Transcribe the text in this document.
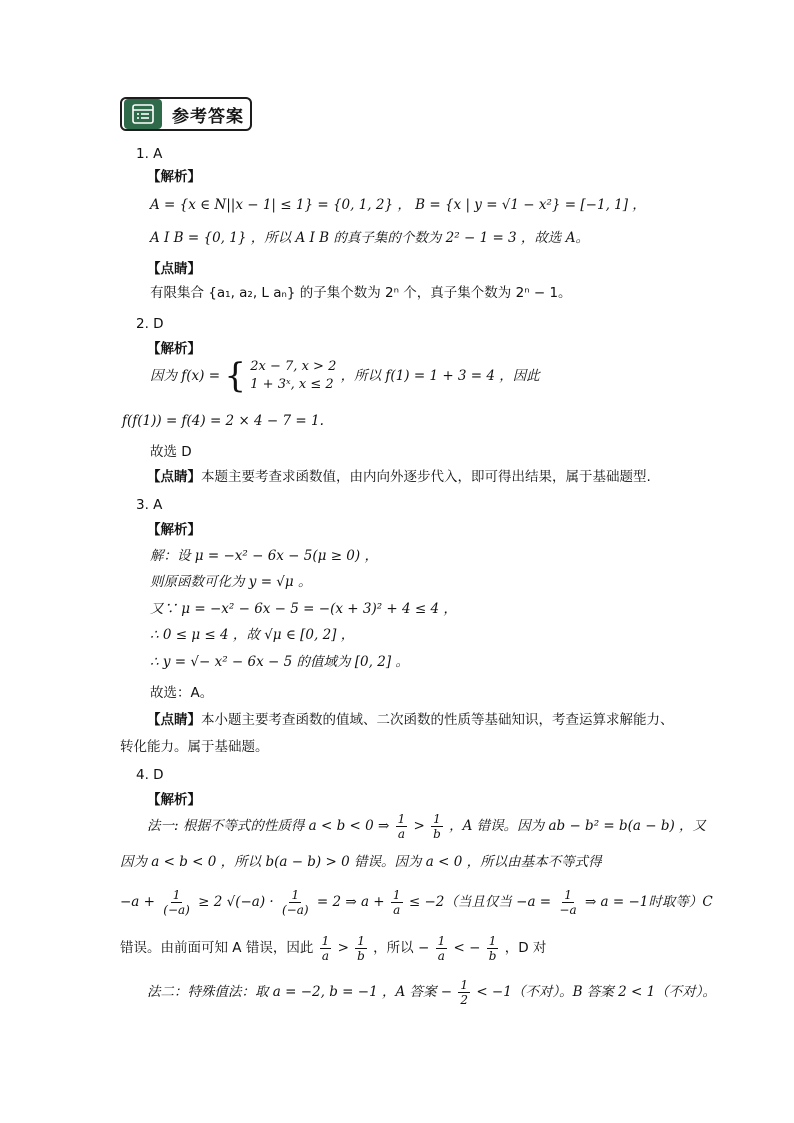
参考答案
1. A
【解析】
A = {x ∈ N||x − 1| ≤ 1} = {0, 1, 2} ， B = {x | y = √1 − x²} = [−1, 1] ，
A I B = {0, 1} ，所以 A I B 的真子集的个数为 2² − 1 = 3 ，故选 A。
【点睛】
有限集合 {a₁, a₂, L aₙ} 的子集个数为 2ⁿ 个，真子集个数为 2ⁿ − 1。
2. D
【解析】
因为 f(x) = { 2x − 7, x > 2
1 + 3ˣ, x ≤ 2
，所以 f(1) = 1 + 3 = 4 ，因此
f(f(1)) = f(4) = 2 × 4 − 7 = 1.
故选 D
【点睛】本题主要考查求函数值，由内向外逐步代入，即可得出结果，属于基础题型.
3. A
【解析】
解：设 μ = −x² − 6x − 5(μ ≥ 0) ，
则原函数可化为 y = √μ 。
又∵ μ = −x² − 6x − 5 = −(x + 3)² + 4 ≤ 4 ，
∴ 0 ≤ μ ≤ 4 ，故 √μ ∈ [0, 2] ，
∴ y = √− x² − 6x − 5 的值域为 [0, 2] 。
故选：A。
【点睛】本小题主要考查函数的值域、二次函数的性质等基础知识，考查运算求解能力、
转化能力。属于基础题。
4. D
【解析】
法一: 根据不等式的性质得 a < b < 0 ⇒ $\frac{1}{a} > \frac{1}{b}$ ，A 错误。因为 ab − b² = b(a − b) ，又
因为 a < b < 0 ，所以 b(a − b) > 0 错误。因为 a < 0 ，所以由基本不等式得
$-a + \frac{1}{(-a)} \ge 2$ $√(-a) \cdot \frac{1}{(-a)} = 2$ ⇒ $a + \frac{1}{a} \le -2$（当且仅当 $-a = \frac{1}{-a}$ ⇒ a = −1时取等）C
错误。由前面可知 A 错误，因此 $\frac{1}{a} > \frac{1}{b}$ ，所以 − $\frac{1}{a}$ < − $\frac{1}{b}$ ，D 对
法二：特殊值法：取 a = −2, b = −1 ，A 答案 − $\frac{1}{2} < -1$（不对）。B 答案 2 < 1（不对）。
